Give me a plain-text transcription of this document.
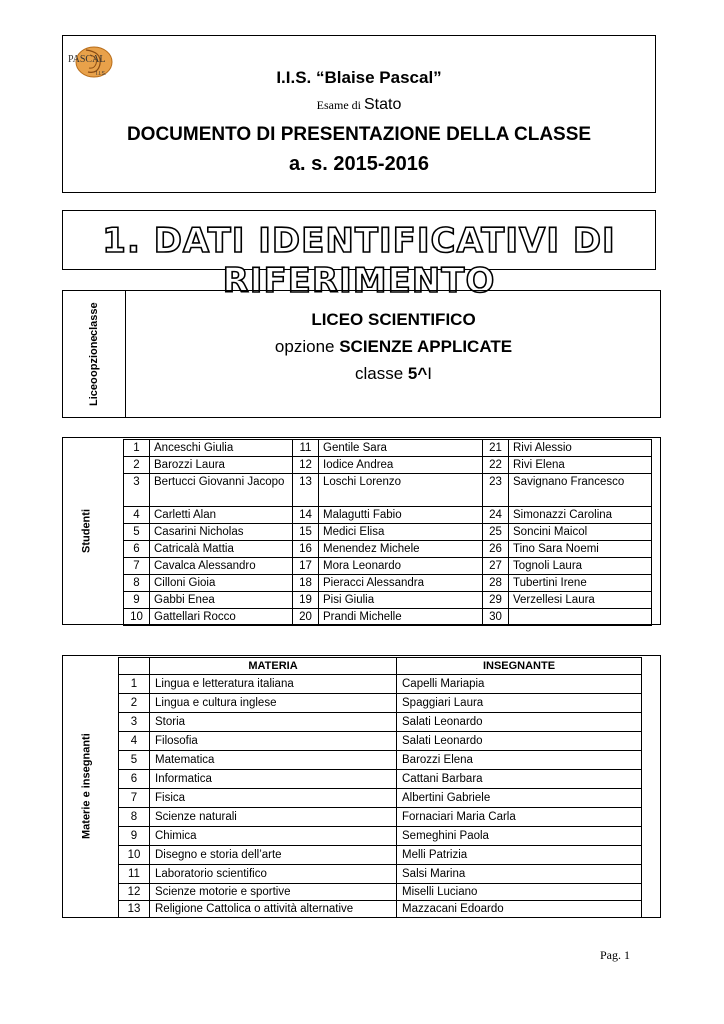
PASCAL
I.I.S.	I.I.S. “Blaise Pascal”
Esame di Stato
DOCUMENTO DI PRESENTAZIONE DELLA CLASSE
a. s. 2015-2016
1. DATI IDENTIFICATIVI DI RIFERIMENTO
Liceo
opzione
classe	LICEO SCIENTIFICO
opzione SCIENZE APPLICATE
classe 5^I
Studenti
1	Anceschi Giulia	11	Gentile Sara	21	Rivi Alessio
2	Barozzi Laura	12	Iodice Andrea	22	Rivi Elena
3	Bertucci Giovanni Jacopo	13	Loschi Lorenzo	23	Savignano Francesco
4	Carletti Alan	14	Malagutti Fabio	24	Simonazzi Carolina
5	Casarini Nicholas	15	Medici Elisa	25	Soncini Maicol
6	Catricalà Mattia	16	Menendez Michele	26	Tino Sara Noemi
7	Cavalca Alessandro	17	Mora Leonardo	27	Tognoli Laura
8	Cilloni Gioia	18	Pieracci Alessandra	28	Tubertini Irene
9	Gabbi Enea	19	Pisi Giulia	29	Verzellesi Laura
10	Gattellari Rocco	20	Prandi Michelle	30	
Materie e insegnanti
	MATERIA	INSEGNANTE
1	Lingua e letteratura italiana	Capelli Mariapia
2	Lingua e cultura inglese	Spaggiari Laura
3	Storia	Salati Leonardo
4	Filosofia	Salati Leonardo
5	Matematica	Barozzi Elena
6	Informatica	Cattani Barbara
7	Fisica	Albertini Gabriele
8	Scienze naturali	Fornaciari Maria Carla
9	Chimica	Semeghini Paola
10	Disegno e storia dell’arte	Melli Patrizia
11	Laboratorio scientifico	Salsi Marina
12	Scienze motorie e sportive	Miselli Luciano
13	Religione Cattolica o attività alternative	Mazzacani Edoardo
Pag. 1
